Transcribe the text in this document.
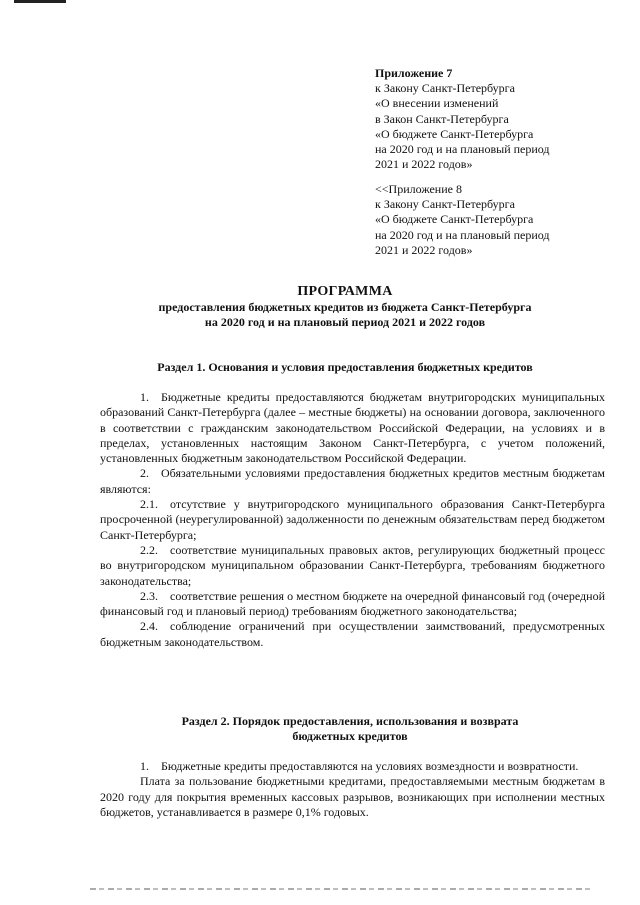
Приложение 7
к Закону Санкт-Петербурга
«О внесении изменений
в Закон Санкт-Петербурга
«О бюджете Санкт-Петербурга
на 2020 год и на плановый период
2021 и 2022 годов»
<<Приложение 8
к Закону Санкт-Петербурга
«О бюджете Санкт-Петербурга
на 2020 год и на плановый период
2021 и 2022 годов»
ПРОГРАММА
предоставления бюджетных кредитов из бюджета Санкт-Петербурга
на 2020 год и на плановый период 2021 и 2022 годов
Раздел 1. Основания и условия предоставления бюджетных кредитов

1. Бюджетные кредиты предоставляются бюджетам внутригородских муниципальных образований Санкт-Петербурга (далее – местные бюджеты) на основании договора, заключенного в соответствии с гражданским законодательством Российской Федерации, на условиях и в пределах, установленных настоящим Законом Санкт-Петербурга, с учетом положений, установленных бюджетным законодательством Российской Федерации.

2. Обязательными условиями предоставления бюджетных кредитов местным бюджетам являются:

2.1. отсутствие у внутригородского муниципального образования Санкт-Петербурга просроченной (неурегулированной) задолженности по денежным обязательствам перед бюджетом Санкт-Петербурга;

2.2. соответствие муниципальных правовых актов, регулирующих бюджетный процесс во внутригородском муниципальном образовании Санкт-Петербурга, требованиям бюджетного законодательства;

2.3. соответствие решения о местном бюджете на очередной финансовый год (очередной финансовый год и плановый период) требованиям бюджетного законодательства;

2.4. соблюдение ограничений при осуществлении заимствований, предусмотренных бюджетным законодательством.

Раздел 2. Порядок предоставления, использования и возврата
бюджетных кредитов

1. Бюджетные кредиты предоставляются на условиях возмездности и возвратности.

Плата за пользование бюджетными кредитами, предоставляемыми местным бюджетам в 2020 году для покрытия временных кассовых разрывов, возникающих при исполнении местных бюджетов, устанавливается в размере 0,1% годовых.
